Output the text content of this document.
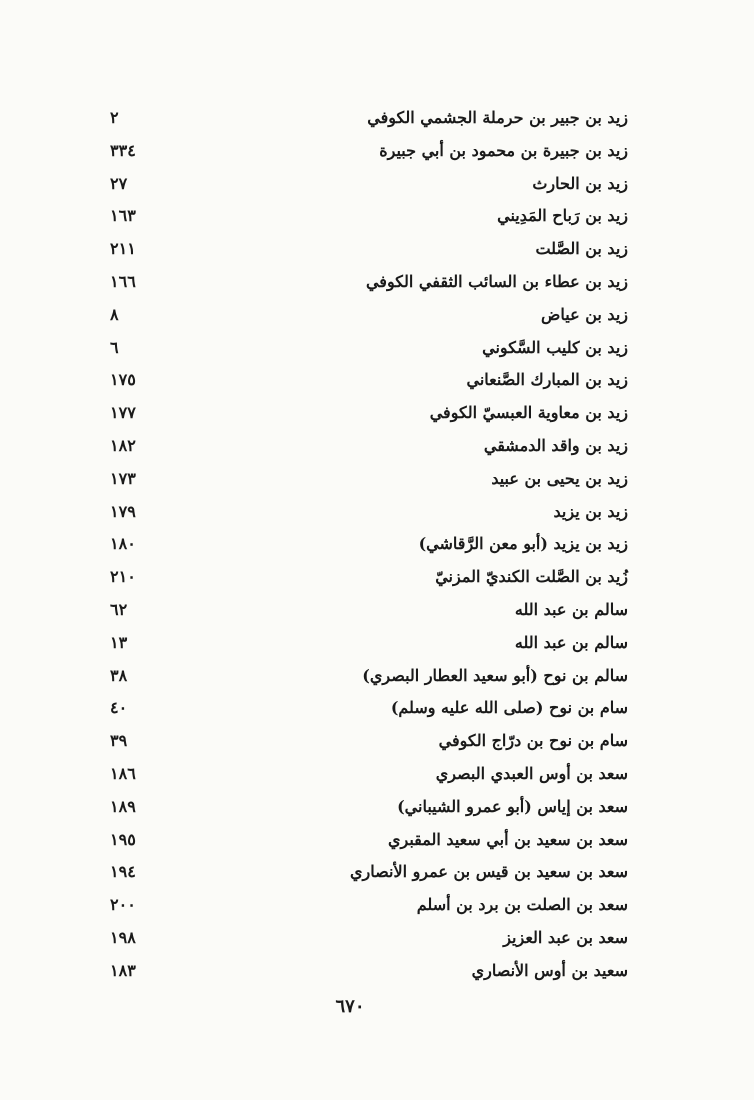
زيد بن جبير بن حرملة الجشمي الكوفي
٢
زيد بن جبيرة بن محمود بن أبي جبيرة
٣٣٤
زيد بن الحارث
٢٧
زيد بن رَباح المَدِيني
١٦٣
زيد بن الصَّلت
٢١١
زيد بن عطاء بن السائب الثقفي الكوفي
١٦٦
زيد بن عياض
٨
زيد بن كليب السَّكوني
٦
زيد بن المبارك الصَّنعاني
١٧٥
زيد بن معاوية العبسيّ الكوفي
١٧٧
زيد بن واقد الدمشقي
١٨٢
زيد بن يحيى بن عبيد
١٧٣
زيد بن يزيد
١٧٩
زيد بن يزيد (أبو معن الرَّقاشي)
١٨٠
زُيد بن الصَّلت الكنديّ المزنيّ
٢١٠
سالم بن عبد الله
٦٢
سالم بن عبد الله
١٣
سالم بن نوح (أبو سعيد العطار البصري)
٣٨
سام بن نوح (صلى الله عليه وسلم)
٤٠
سام بن نوح بن درّاج الكوفي
٣٩
سعد بن أوس العبدي البصري
١٨٦
سعد بن إياس (أبو عمرو الشيباني)
١٨٩
سعد بن سعيد بن أبي سعيد المقبري
١٩٥
سعد بن سعيد بن قيس بن عمرو الأنصاري
١٩٤
سعد بن الصلت بن برد بن أسلم
٢٠٠
سعد بن عبد العزيز
١٩٨
سعيد بن أوس الأنصاري
١٨٣
٦٧٠
